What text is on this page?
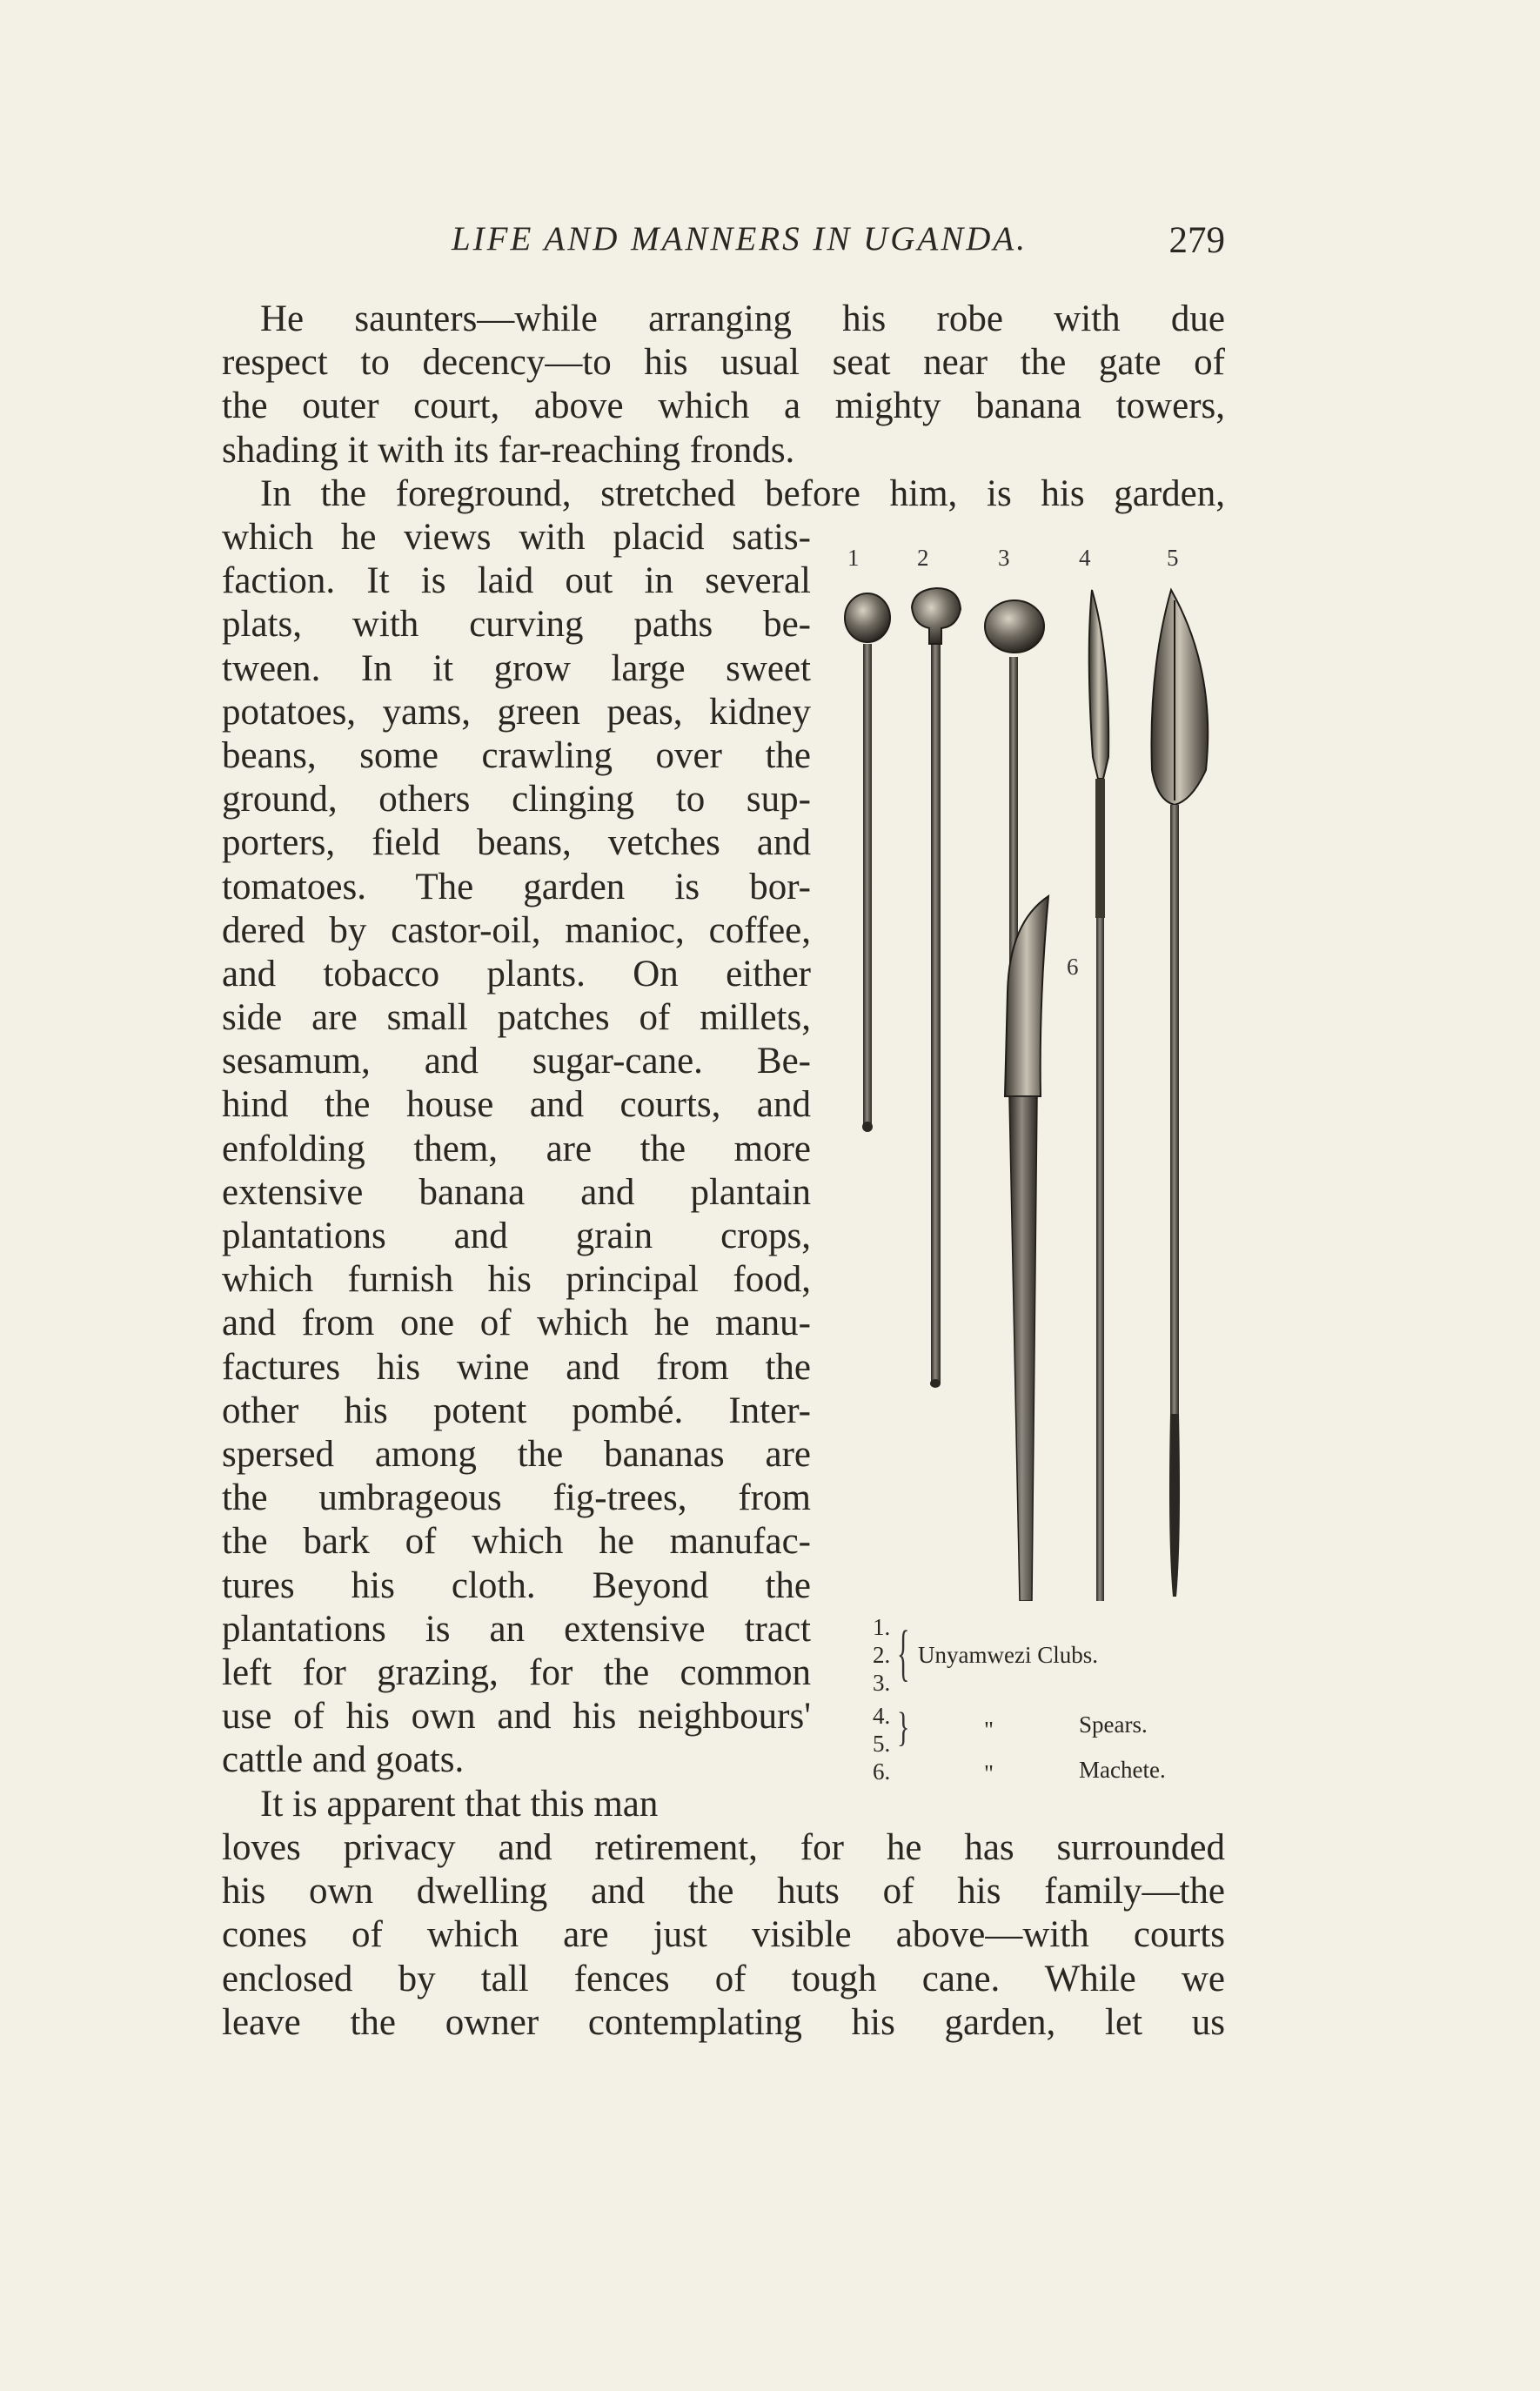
LIFE AND MANNERS IN UGANDA.	279
He saunters—while arranging his robe with due
respect to decency—to his usual seat near the gate of
the outer court, above which a mighty banana towers,
shading it with its far-reaching fronds.
In the foreground, stretched before him, is his garden,
which he views with placid satis-
faction. It is laid out in several
plats, with curving paths be-
tween. In it grow large sweet
potatoes, yams, green peas, kidney
beans, some crawling over the
ground, others clinging to sup-
porters, field beans, vetches and
tomatoes. The garden is bor-
dered by castor-oil, manioc, coffee,
and tobacco plants. On either
side are small patches of millets,
sesamum, and sugar-cane. Be-
hind the house and courts, and
enfolding them, are the more
extensive banana and plantain
plantations and grain crops,
which furnish his principal food,
and from one of which he manu-
factures his wine and from the
other his potent pombé. Inter-
spersed among the bananas are
the umbrageous fig-trees, from
the bark of which he manufac-
tures his cloth. Beyond the
plantations is an extensive tract
left for grazing, for the common
use of his own and his neighbours'
cattle and goats.
It is apparent that this man
loves privacy and retirement, for he has surrounded
his own dwelling and the huts of his family—the
cones of which are just visible above—with courts
enclosed by tall fences of tough cane. While we
leave the owner contemplating his garden, let us
1 2	3	4	5
6
1.
2.
3. { Unyamwezi Clubs.
4.
5. }	"	Spears.
6.	"	Machete.
